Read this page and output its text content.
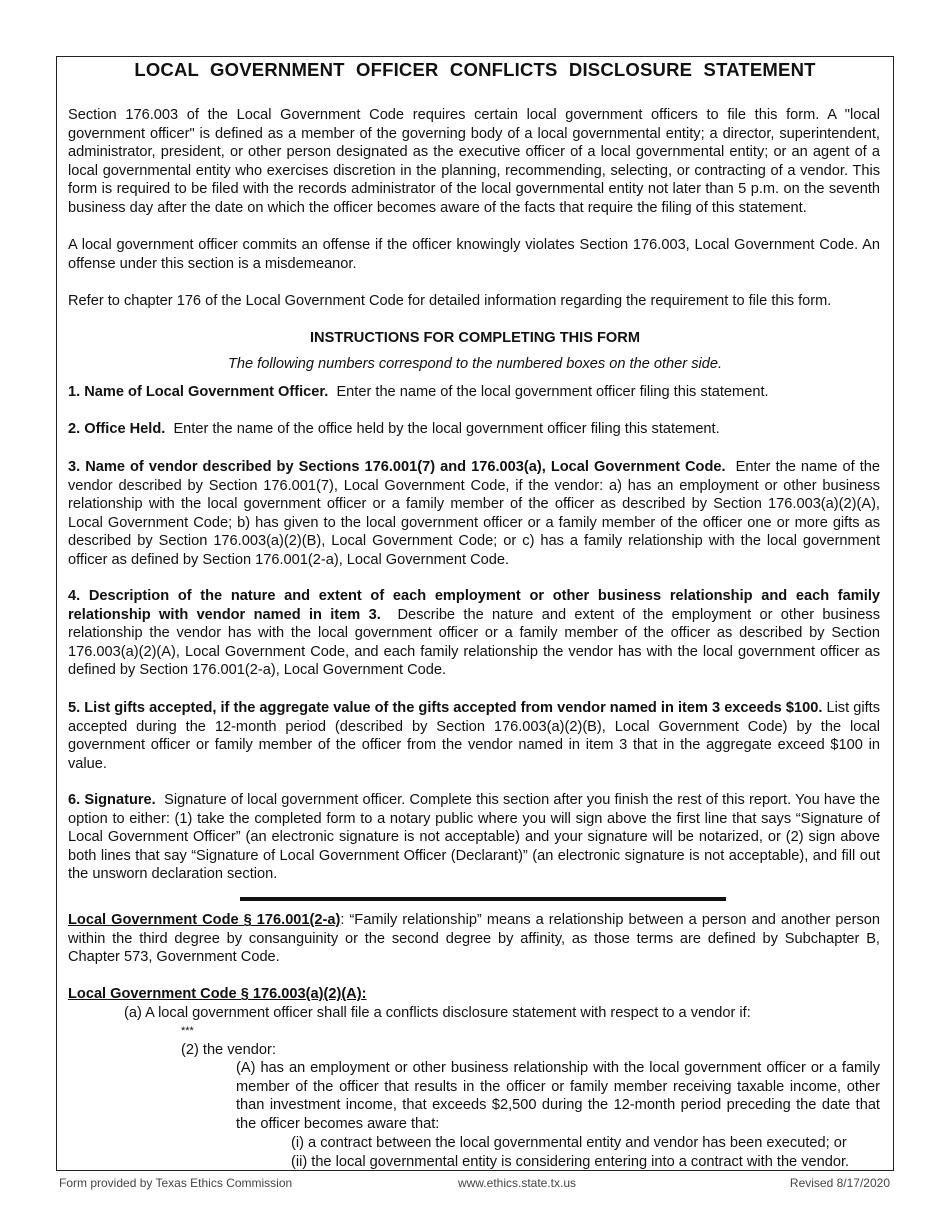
LOCAL GOVERNMENT OFFICER CONFLICTS DISCLOSURE STATEMENT

Section 176.003 of the Local Government Code requires certain local government officers to file this form. A "local government officer" is defined as a member of the governing body of a local governmental entity; a director, superintendent, administrator, president, or other person designated as the executive officer of a local governmental entity; or an agent of a local governmental entity who exercises discretion in the planning, recommending, selecting, or contracting of a vendor. This form is required to be filed with the records administrator of the local governmental entity not later than 5 p.m. on the seventh business day after the date on which the officer becomes aware of the facts that require the filing of this statement.

A local government officer commits an offense if the officer knowingly violates Section 176.003, Local Government Code. An offense under this section is a misdemeanor.

Refer to chapter 176 of the Local Government Code for detailed information regarding the requirement to file this form.

INSTRUCTIONS FOR COMPLETING THIS FORM
The following numbers correspond to the numbered boxes on the other side.

1. Name of Local Government Officer. Enter the name of the local government officer filing this statement.

2. Office Held. Enter the name of the office held by the local government officer filing this statement.

3. Name of vendor described by Sections 176.001(7) and 176.003(a), Local Government Code. Enter the name of the vendor described by Section 176.001(7), Local Government Code, if the vendor: a) has an employment or other business relationship with the local government officer or a family member of the officer as described by Section 176.003(a)(2)(A), Local Government Code; b) has given to the local government officer or a family member of the officer one or more gifts as described by Section 176.003(a)(2)(B), Local Government Code; or c) has a family relationship with the local government officer as defined by Section 176.001(2-a), Local Government Code.

4. Description of the nature and extent of each employment or other business relationship and each family relationship with vendor named in item 3. Describe the nature and extent of the employment or other business relationship the vendor has with the local government officer or a family member of the officer as described by Section 176.003(a)(2)(A), Local Government Code, and each family relationship the vendor has with the local government officer as defined by Section 176.001(2-a), Local Government Code.

5. List gifts accepted, if the aggregate value of the gifts accepted from vendor named in item 3 exceeds $100. List gifts accepted during the 12-month period (described by Section 176.003(a)(2)(B), Local Government Code) by the local government officer or family member of the officer from the vendor named in item 3 that in the aggregate exceed $100 in value.

6. Signature. Signature of local government officer. Complete this section after you finish the rest of this report. You have the option to either: (1) take the completed form to a notary public where you will sign above the first line that says “Signature of Local Government Officer” (an electronic signature is not acceptable) and your signature will be notarized, or (2) sign above both lines that say “Signature of Local Government Officer (Declarant)” (an electronic signature is not acceptable), and fill out the unsworn declaration section.

Local Government Code § 176.001(2-a): “Family relationship” means a relationship between a person and another person within the third degree by consanguinity or the second degree by affinity, as those terms are defined by Subchapter B, Chapter 573, Government Code.

Local Government Code § 176.003(a)(2)(A):
(a) A local government officer shall file a conflicts disclosure statement with respect to a vendor if:
***
(2) the vendor:

(A) has an employment or other business relationship with the local government officer or a family member of the officer that results in the officer or family member receiving taxable income, other than investment income, that exceeds $2,500 during the 12-month period preceding the date that the officer becomes aware that:

(i) a contract between the local governmental entity and vendor has been executed; or
(ii) the local governmental entity is considering entering into a contract with the vendor.
Form provided by Texas Ethics Commission	www.ethics.state.tx.us	Revised 8/17/2020
